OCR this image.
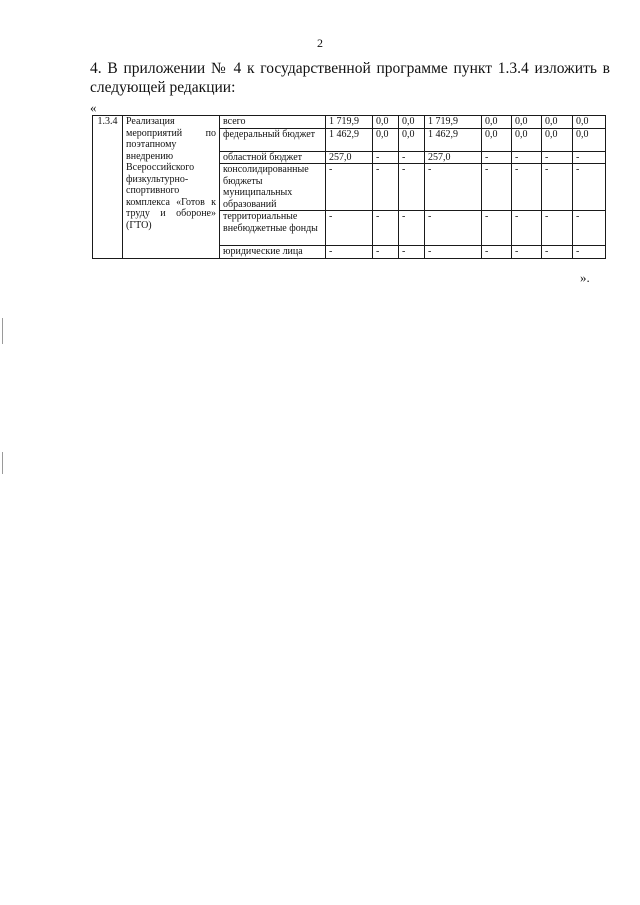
2
4. В приложении № 4 к государственной программе пункт 1.3.4 изложить в следующей редакции:
«
1.3.4	Реализация мероприятий по поэтапному внедрению Всероссийского физкультурно-спортивного комплекса «Готов к труду и обороне» (ГТО)	всего	1 719,9	0,0	0,0	1 719,9	0,0	0,0	0,0	0,0
		федеральный бюджет	1 462,9	0,0	0,0	1 462,9	0,0	0,0	0,0	0,0
		областной бюджет	257,0	-	-	257,0	-	-	-	-
		консолидированные бюджеты муниципальных образований	-	-	-	-	-	-	-	-
		территориальные внебюджетные фонды	-	-	-	-	-	-	-	-
		юридические лица	-	-	-	-	-	-	-	-
».
